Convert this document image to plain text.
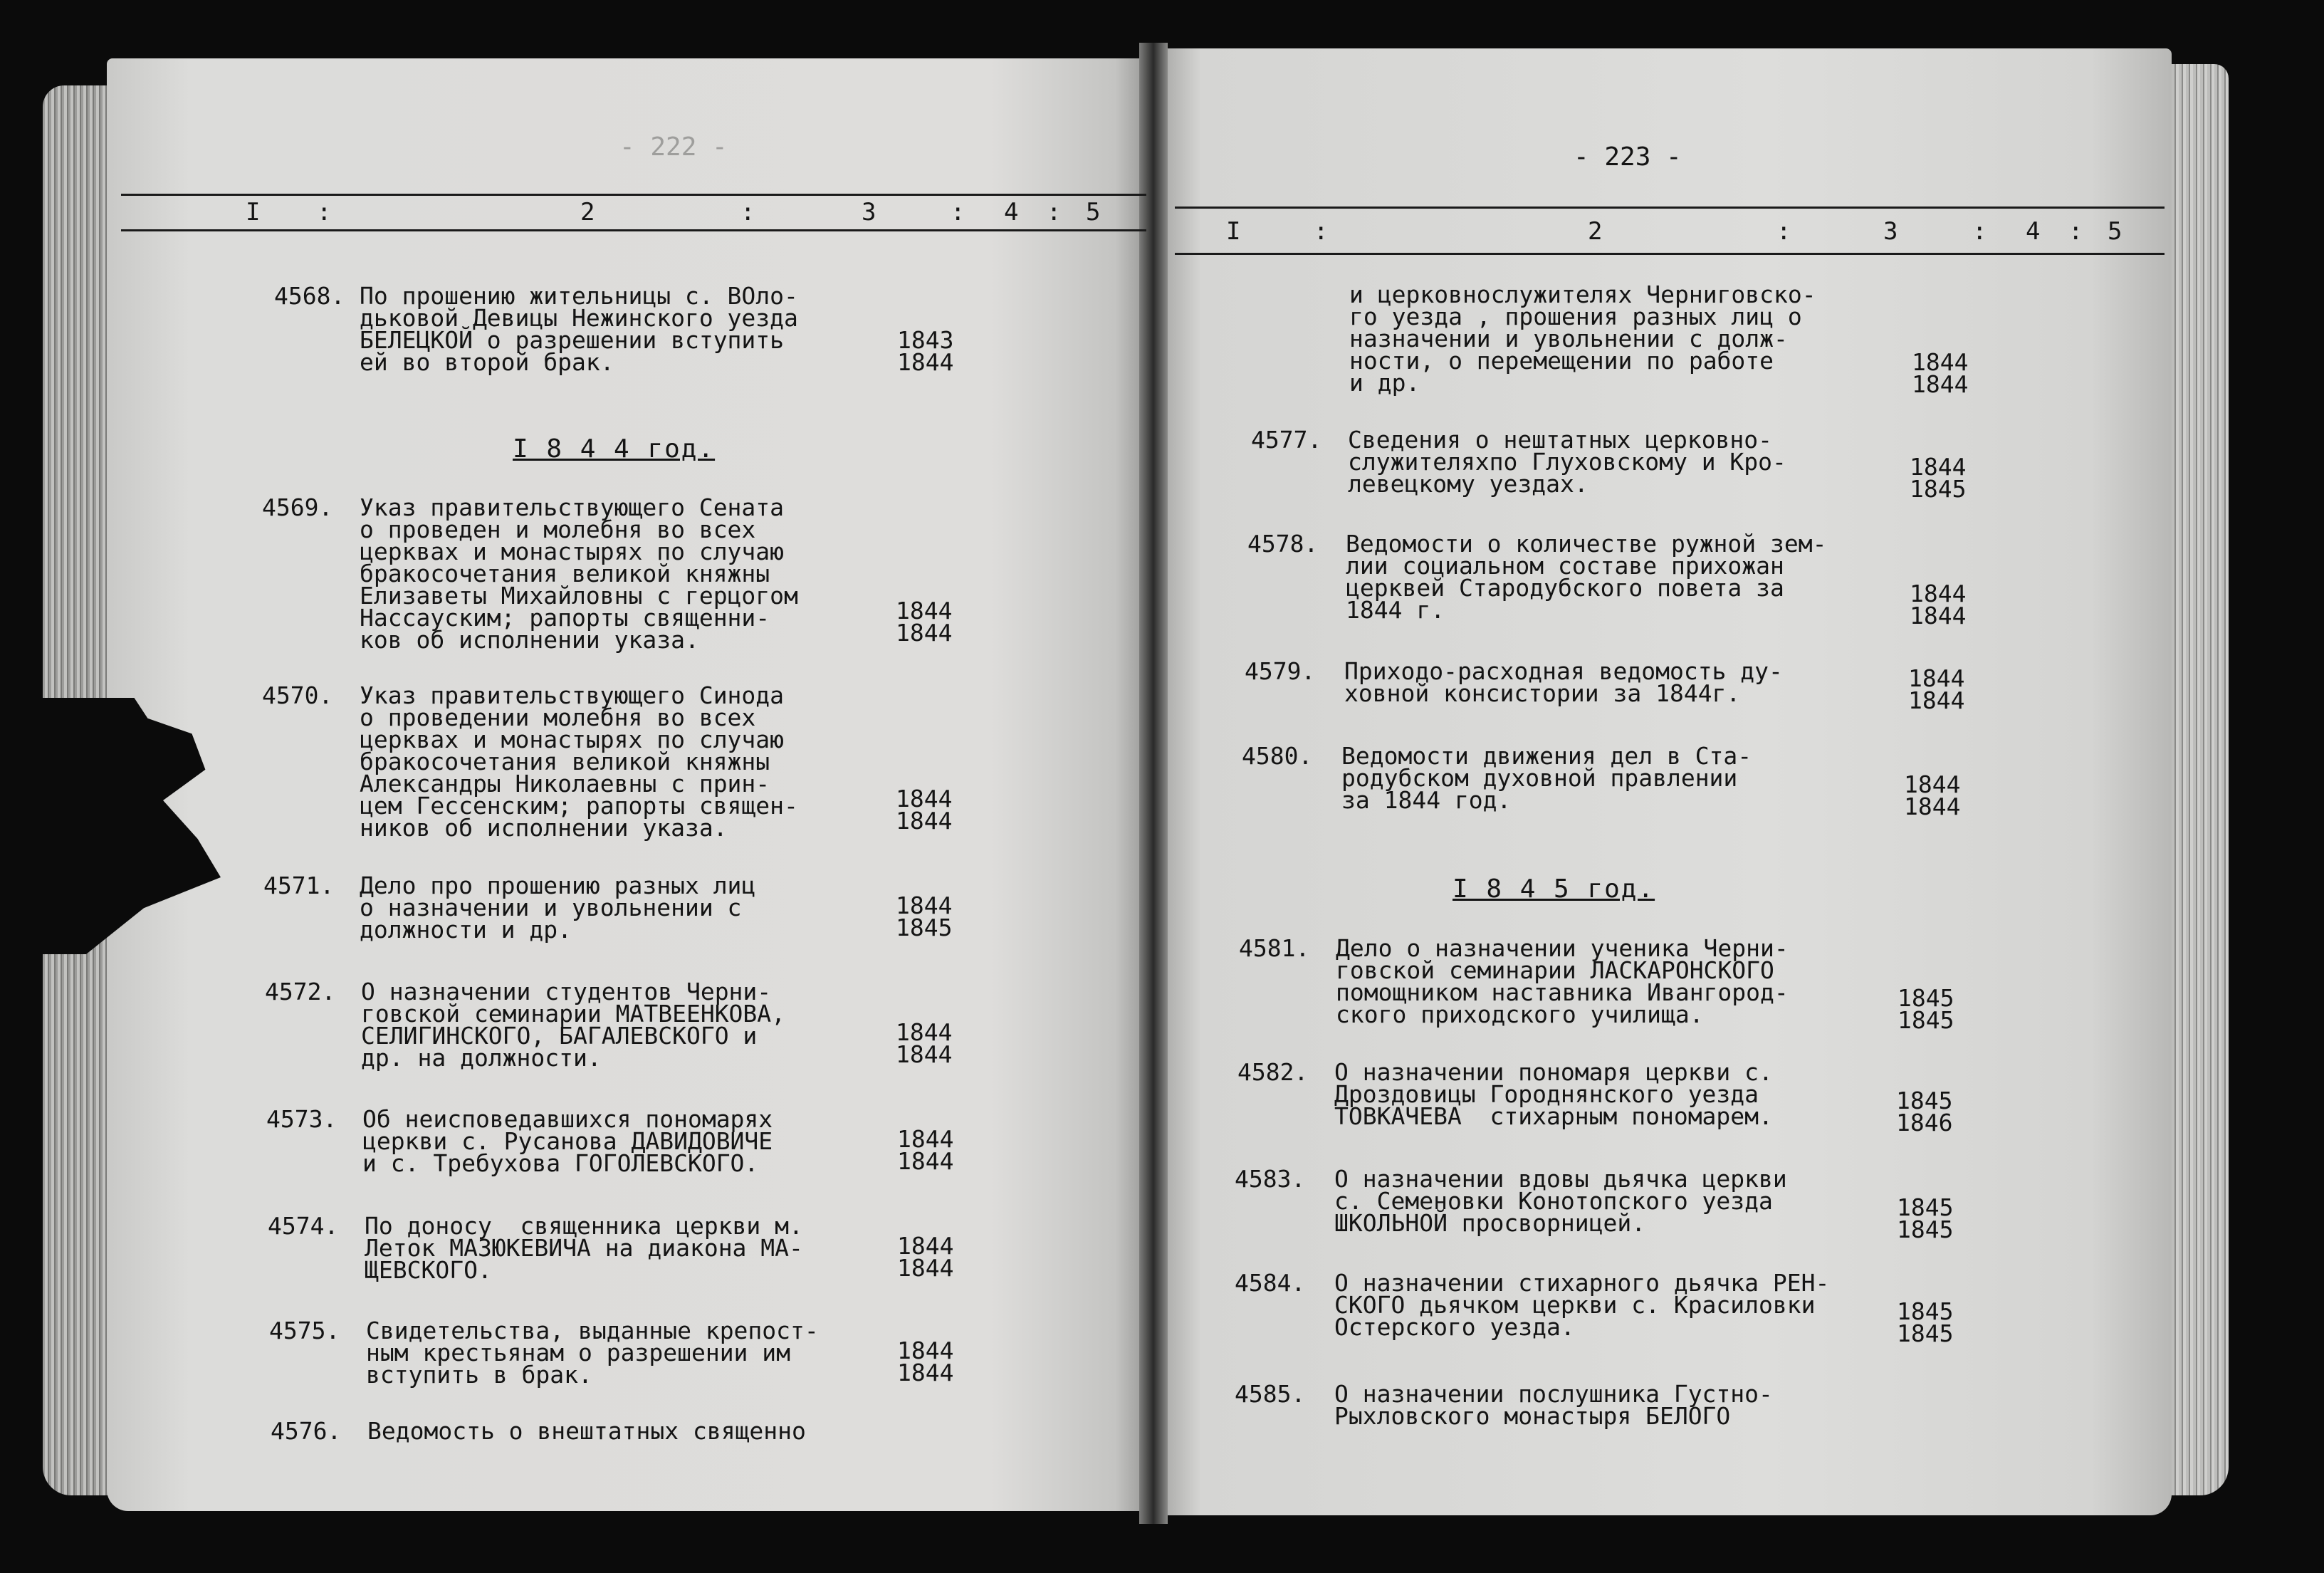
- 222 -
I :	2	:	3	: 4 : 5
4568. По прошению жительницы с. ВОло-
дьковой Девицы Нежинского уезда
БЕЛЕЦКОЙ о разрешении вступить
ей во второй брак.
1843
1844
I 8 4 4 год.
4569. Указ правительствующего Сената
о проведен и молебня во всех
церквах и монастырях по случаю
бракосочетания великой княжны
Елизаветы Михайловны с герцогом
Нассауским; рапорты священни-
ков об исполнении указа.
1844
1844
4570. Указ правительствующего Синода
о проведении молебня во всех
церквах и монастырях по случаю
бракосочетания великой княжны
Александры Николаевны с прин-
цем Гессенским; рапорты священ-
ников об исполнении указа.
1844
1844
4571. Дело про прошению разных лиц
о назначении и увольнении с
должности и др.
1844
1845
4572. О назначении студентов Черни-
говской семинарии МАТВЕЕНКОВА,
СЕЛИГИНСКОГО, БАГАЛЕВСКОГО и
др. на должности.
1844
1844
4573. Об неисповедавшихся пономарях
церкви с. Русанова ДАВИДОВИЧЕ
и с. Требухова ГОГОЛЕВСКОГО.
1844
1844
4574. По доносу  священника церкви м.
Леток МАЗЮКЕВИЧА на диакона МА-
ЩЕВСКОГО.
1844
1844
4575. Свидетельства, выданные крепост-
ным крестьянам о разрешении им
вступить в брак.
1844
1844
4576. Ведомость о внештатных священно
- 223 -
I	:	2	:	3	: 4 : 5
и церковнослужителях Черниговско-
го уезда , прошения разных лиц о
назначении и увольнении с долж-
ности, о перемещении по работе
и др.
1844
1844
4577. Сведения о нештатных церковно-
служителяхпо Глуховскому и Кро-
левецкому уездах.
1844
1845
4578. Ведомости о количестве ружной зем-
лии социальном составе прихожан
церквей Стародубского повета за
1844 г.
1844
1844
4579. Приходо-расходная ведомость ду-
ховной консистории за 1844г.
1844
1844
4580. Ведомости движения дел в Ста-
родубском духовной правлении
за 1844 год.
1844
1844
I 8 4 5 год.
4581. Дело о назначении ученика Черни-
говской семинарии ЛАСКАРОНСКОГО
помощником наставника Ивангород-
ского приходского училища.
1845
1845
4582. О назначении пономаря церкви с.
Дроздовицы Городнянского уезда
ТОВКАЧЕВА  стихарным пономарем.
1845
1846
4583. О назначении вдовы дьячка церкви
с. Семеновки Конотопского уезда
ШКОЛЬНОЙ просворницей.
1845
1845
4584. О назначении стихарного дьячка РЕН-
СКОГО дьячком церкви с. Красиловки
Остерского уезда.
1845
1845
4585. О назначении послушника Густно-
Рыхловского монастыря БЕЛОГО
